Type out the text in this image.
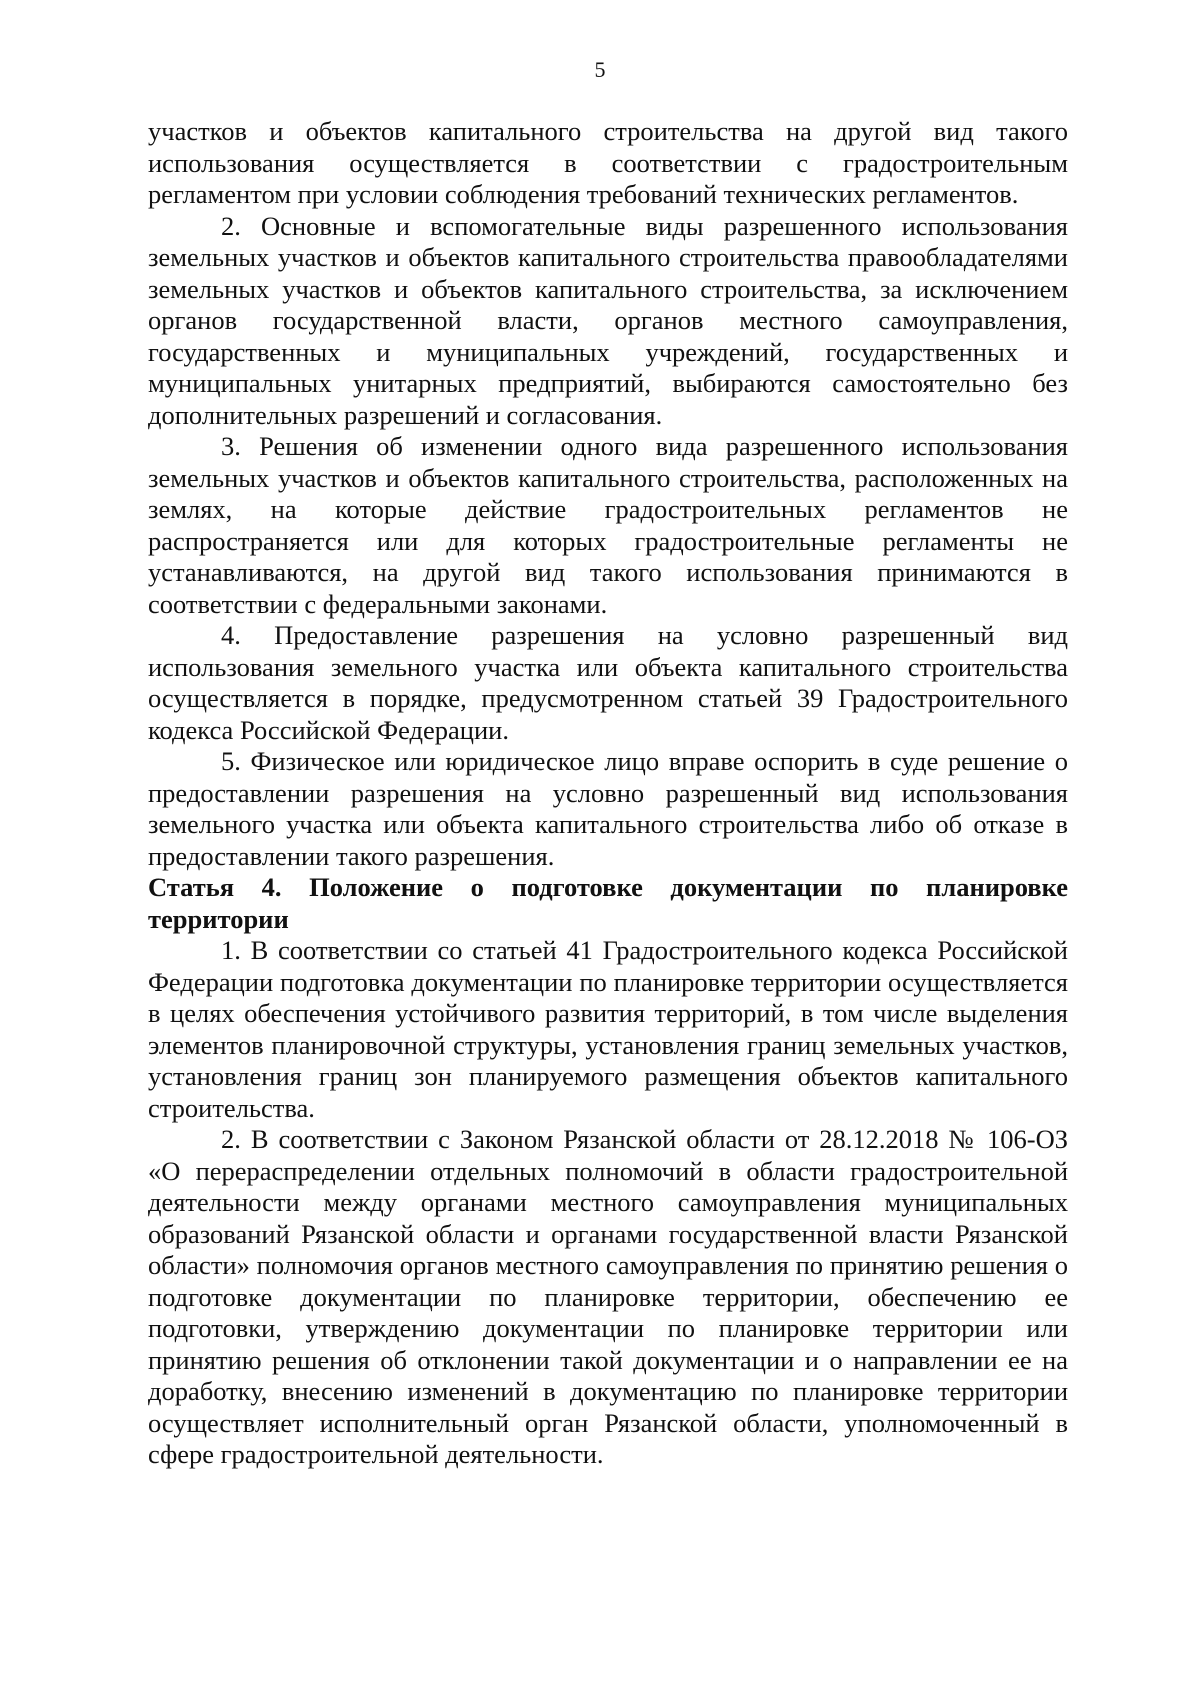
5

участков и объектов капитального строительства на другой вид такого использования осуществляется в соответствии с градостроительным регламентом при условии соблюдения требований технических регламентов.

2. Основные и вспомогательные виды разрешенного использования земельных участков и объектов капитального строительства правообладателями земельных участков и объектов капитального строительства, за исключением органов государственной власти, органов местного самоуправления, государственных и муниципальных учреждений, государственных и муниципальных унитарных предприятий, выбираются самостоятельно без дополнительных разрешений и согласования.

3. Решения об изменении одного вида разрешенного использования земельных участков и объектов капитального строительства, расположенных на землях, на которые действие градостроительных регламентов не распространяется или для которых градостроительные регламенты не устанавливаются, на другой вид такого использования принимаются в соответствии с федеральными законами.

4. Предоставление разрешения на условно разрешенный вид использования земельного участка или объекта капитального строительства осуществляется в порядке, предусмотренном статьей 39 Градостроительного кодекса Российской Федерации.

5. Физическое или юридическое лицо вправе оспорить в суде решение о предоставлении разрешения на условно разрешенный вид использования земельного участка или объекта капитального строительства либо об отказе в предоставлении такого разрешения.

Статья 4. Положение о подготовке документации по планировке территории

1. В соответствии со статьей 41 Градостроительного кодекса Российской Федерации подготовка документации по планировке территории осуществляется в целях обеспечения устойчивого развития территорий, в том числе выделения элементов планировочной структуры, установления границ земельных участков, установления границ зон планируемого размещения объектов капитального строительства.

2. В соответствии с Законом Рязанской области от 28.12.2018 № 106-ОЗ «О перераспределении отдельных полномочий в области градостроительной деятельности между органами местного самоуправления муниципальных образований Рязанской области и органами государственной власти Рязанской области» полномочия органов местного самоуправления по принятию решения о подготовке документации по планировке территории, обеспечению ее подготовки, утверждению документации по планировке территории или принятию решения об отклонении такой документации и о направлении ее на доработку, внесению изменений в документацию по планировке территории осуществляет исполнительный орган Рязанской области, уполномоченный в сфере градостроительной деятельности.
